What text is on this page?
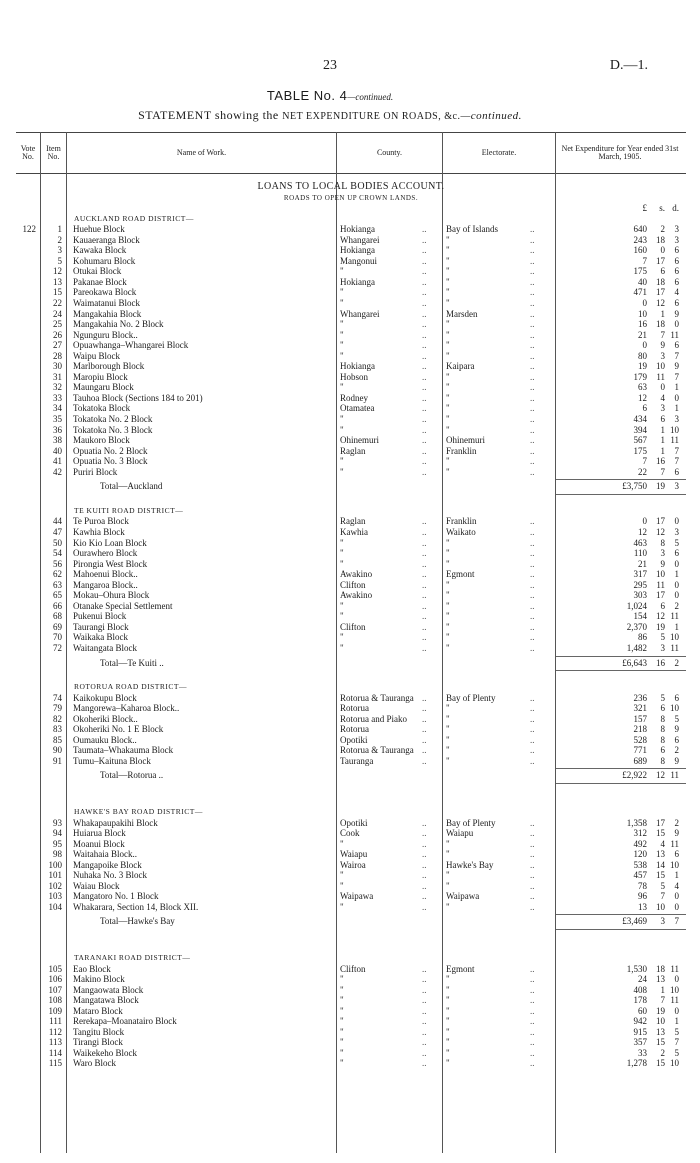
23	D.—1.
TABLE No. 4—continued.
STATEMENT showing the NET EXPENDITURE ON ROADS, &c.—continued.
Vote No.
Item No.	Name of Work.	County.	Electorate.	Net Expenditure for Year ended 31st March, 1905.
LOANS TO LOCAL BODIES ACCOUNT.
ROADS TO OPEN UP CROWN LANDS.
£	s. d.
AUCKLAND ROAD DISTRICT—
122	1 Huehue Block	Hokianga	.. Bay of Islands	..	640	2	3
2 Kauaeranga Block	Whangarei	.. "	..	243	18	3
3 Kawaka Block	Hokianga	.. "	..	160	0	6
5 Kohumaru Block	Mangonui	.. "	..	7	17	6
12 Otukai Block	"	.. "	..	175	6	6
13 Pakanae Block	Hokianga	.. "	..	40	18	6
15 Pareokawa Block	"	.. "	..	471	17	4
22 Waimatanui Block	"	.. "	..	0	12	6
24 Mangakahia Block	Whangarei	.. Marsden	..	10	1	9
25 Mangakahia No. 2 Block	"	.. "	..	16	18	0
26 Ngunguru Block..	"	.. "	..	21	7 11
27 Opuawhanga–Whangarei Block	"	.. "	..	0	9	6
28 Waipu Block	"	.. "	..	80	3	7
30 Marlborough Block	Hokianga	.. Kaipara	..	19	10	9
31 Maropiu Block	Hobson	.. "	..	179	11	7
32 Maungaru Block	"	.. "	..	63	0	1
33 Tauhoa Block (Sections 184 to 201)	Rodney	.. "	..	12	4	0
34 Tokatoka Block	Otamatea	.. "	..	6	3	1
35 Tokatoka No. 2 Block	"	.. "	..	434	6	3
36 Tokatoka No. 3 Block	"	.. "	..	394	1 10
38 Maukoro Block	Ohinemuri	.. Ohinemuri	..	567	1 11
40 Opuatia No. 2 Block	Raglan	.. Franklin	..	175	1	7
41 Opuatia No. 3 Block	"	.. "	..	7	16	7
42 Puriri Block	"	.. "	..	22	7	6
Total—Auckland	£3,750	19	3
TE KUITI ROAD DISTRICT—
44 Te Puroa Block	Raglan	.. Franklin	..	0	17	0
47 Kawhia Block	Kawhia	.. Waikato	..	12	12	3
50 Kio Kio Loan Block	"	.. "	..	463	8	5
54 Ourawhero Block	"	.. "	..	110	3	6
56 Pirongia West Block	"	.. "	..	21	9	0
62 Mahoenui Block..	Awakino	.. Egmont	..	317	10	1
63 Mangaroa Block..	Clifton	.. "	..	295	11	0
65 Mokau–Ohura Block	Awakino	.. "	..	303	17	0
66 Otanake Special Settlement	"	.. "	..	1,024	6	2
68 Pukenui Block	"	.. "	..	154	12 11
69 Taurangi Block	Clifton	.. "	..	2,370	19	1
70 Waikaka Block	"	.. "	..	86	5 10
72 Waitangata Block	"	.. "	..	1,482	3 11
Total—Te Kuiti ..	£6,643	16	2
ROTORUA ROAD DISTRICT—
74 Kaikokupu Block	Rotorua & Tauranga .. Bay of Plenty	..	236	5	6
79 Mangorewa–Kaharoa Block..	Rotorua	.. "	..	321	6 10
82 Okoheriki Block..	Rotorua and Piako .. "	..	157	8	5
83 Okoheriki No. 1 E Block	Rotorua	.. "	..	218	8	9
85 Oumauku Block..	Opotiki	.. "	..	528	8	6
90 Taumata–Whakauma Block	Rotorua & Tauranga .. "	..	771	6	2
91 Tumu–Kaituna Block	Tauranga	.. "	..	689	8	9
Total—Rotorua ..	£2,922	12 11
HAWKE'S BAY ROAD DISTRICT—
93 Whakapaupakihi Block	Opotiki	.. Bay of Plenty	..	1,358	17	2
94 Huiarua Block	Cook	.. Waiapu	..	312	15	9
95 Moanui Block	"	.. "	..	492	4 11
98 Waitahaia Block..	Waiapu	.. "	..	120	13	6
100 Mangapoike Block	Wairoa	.. Hawke's Bay	..	538	14 10
101 Nuhaka No. 3 Block	"	.. "	..	457	15	1
102 Waiau Block	"	.. "	..	78	5	4
103 Mangatoro No. 1 Block	Waipawa	.. Waipawa	..	96	7	0
104 Whakarara, Section 14, Block XII.	"	.. "	..	13	10	0
Total—Hawke's Bay	£3,469	3	7
TARANAKI ROAD DISTRICT—
105 Eao Block	Clifton	.. Egmont	..	1,530	18 11
106 Makino Block	"	.. "	..	24	13	0
107 Mangaowata Block	"	.. "	..	408	1 10
108 Mangatawa Block	"	.. "	..	178	7 11
109 Mataro Block	"	.. "	..	60	19	0
111 Rerekapa–Moanatairo Block	"	.. "	..	942	10	1
112 Tangitu Block	"	.. "	..	915	13	5
113 Tirangi Block	"	.. "	..	357	15	7
114 Waikekeho Block	"	.. "	..	33	2	5
115 Waro Block	"	.. "	..	1,278	15 10
